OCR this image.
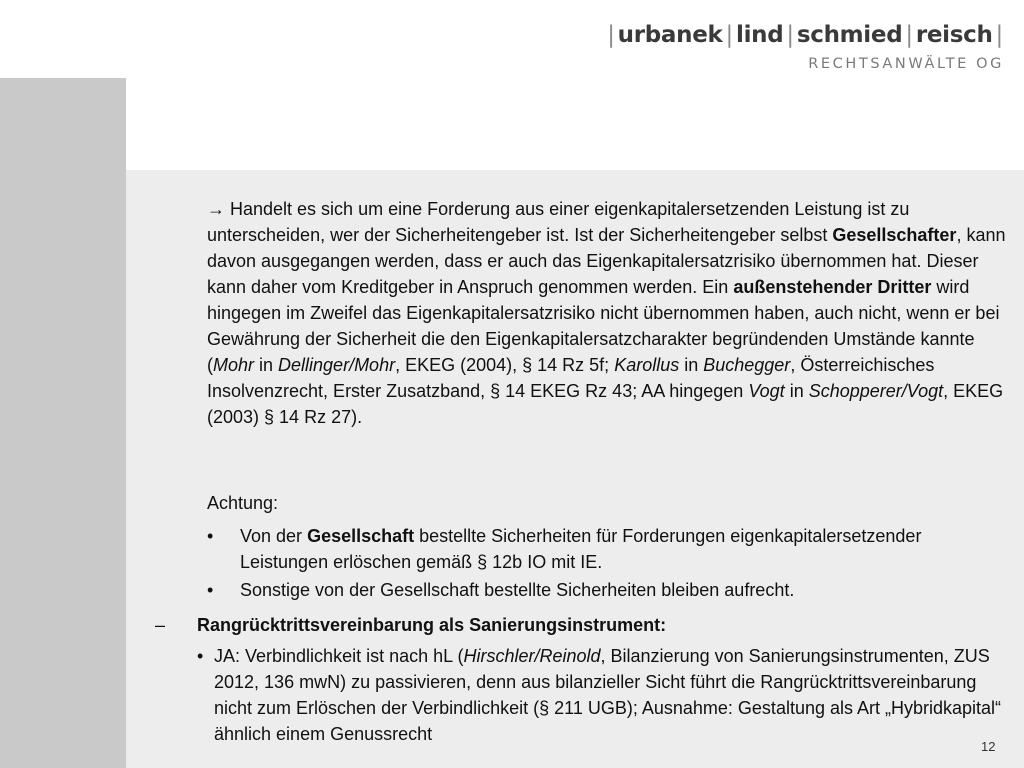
| urbanek | lind | schmied | reisch |
RECHTSANWÄLTE OG
→ Handelt es sich um eine Forderung aus einer eigenkapitalersetzenden Leistung ist zu unterscheiden, wer der Sicherheitengeber ist. Ist der Sicherheitengeber selbst Gesellschafter, kann davon ausgegangen werden, dass er auch das Eigenkapitalersatzrisiko übernommen hat. Dieser kann daher vom Kreditgeber in Anspruch genommen werden. Ein außenstehender Dritter wird hingegen im Zweifel das Eigenkapitalersatzrisiko nicht übernommen haben, auch nicht, wenn er bei Gewährung der Sicherheit die den Eigenkapitalersatzcharakter begründenden Umstände kannte (Mohr in Dellinger/Mohr, EKEG (2004), § 14 Rz 5f; Karollus in Buchegger, Österreichisches Insolvenzrecht, Erster Zusatzband, § 14 EKEG Rz 43; AA hingegen Vogt in Schopperer/Vogt, EKEG (2003) § 14 Rz 27).
Achtung:
• Von der Gesellschaft bestellte Sicherheiten für Forderungen eigenkapitalersetzender Leistungen erlöschen gemäß § 12b IO mit IE.
• Sonstige von der Gesellschaft bestellte Sicherheiten bleiben aufrecht.
– Rangrücktrittsvereinbarung als Sanierungsinstrument:
• JA: Verbindlichkeit ist nach hL (Hirschler/Reinold, Bilanzierung von Sanierungsinstrumenten, ZUS 2012, 136 mwN) zu passivieren, denn aus bilanzieller Sicht führt die Rangrücktrittsvereinbarung nicht zum Erlöschen der Verbindlichkeit (§ 211 UGB); Ausnahme: Gestaltung als Art „Hybridkapital“ ähnlich einem Genussrecht
12
